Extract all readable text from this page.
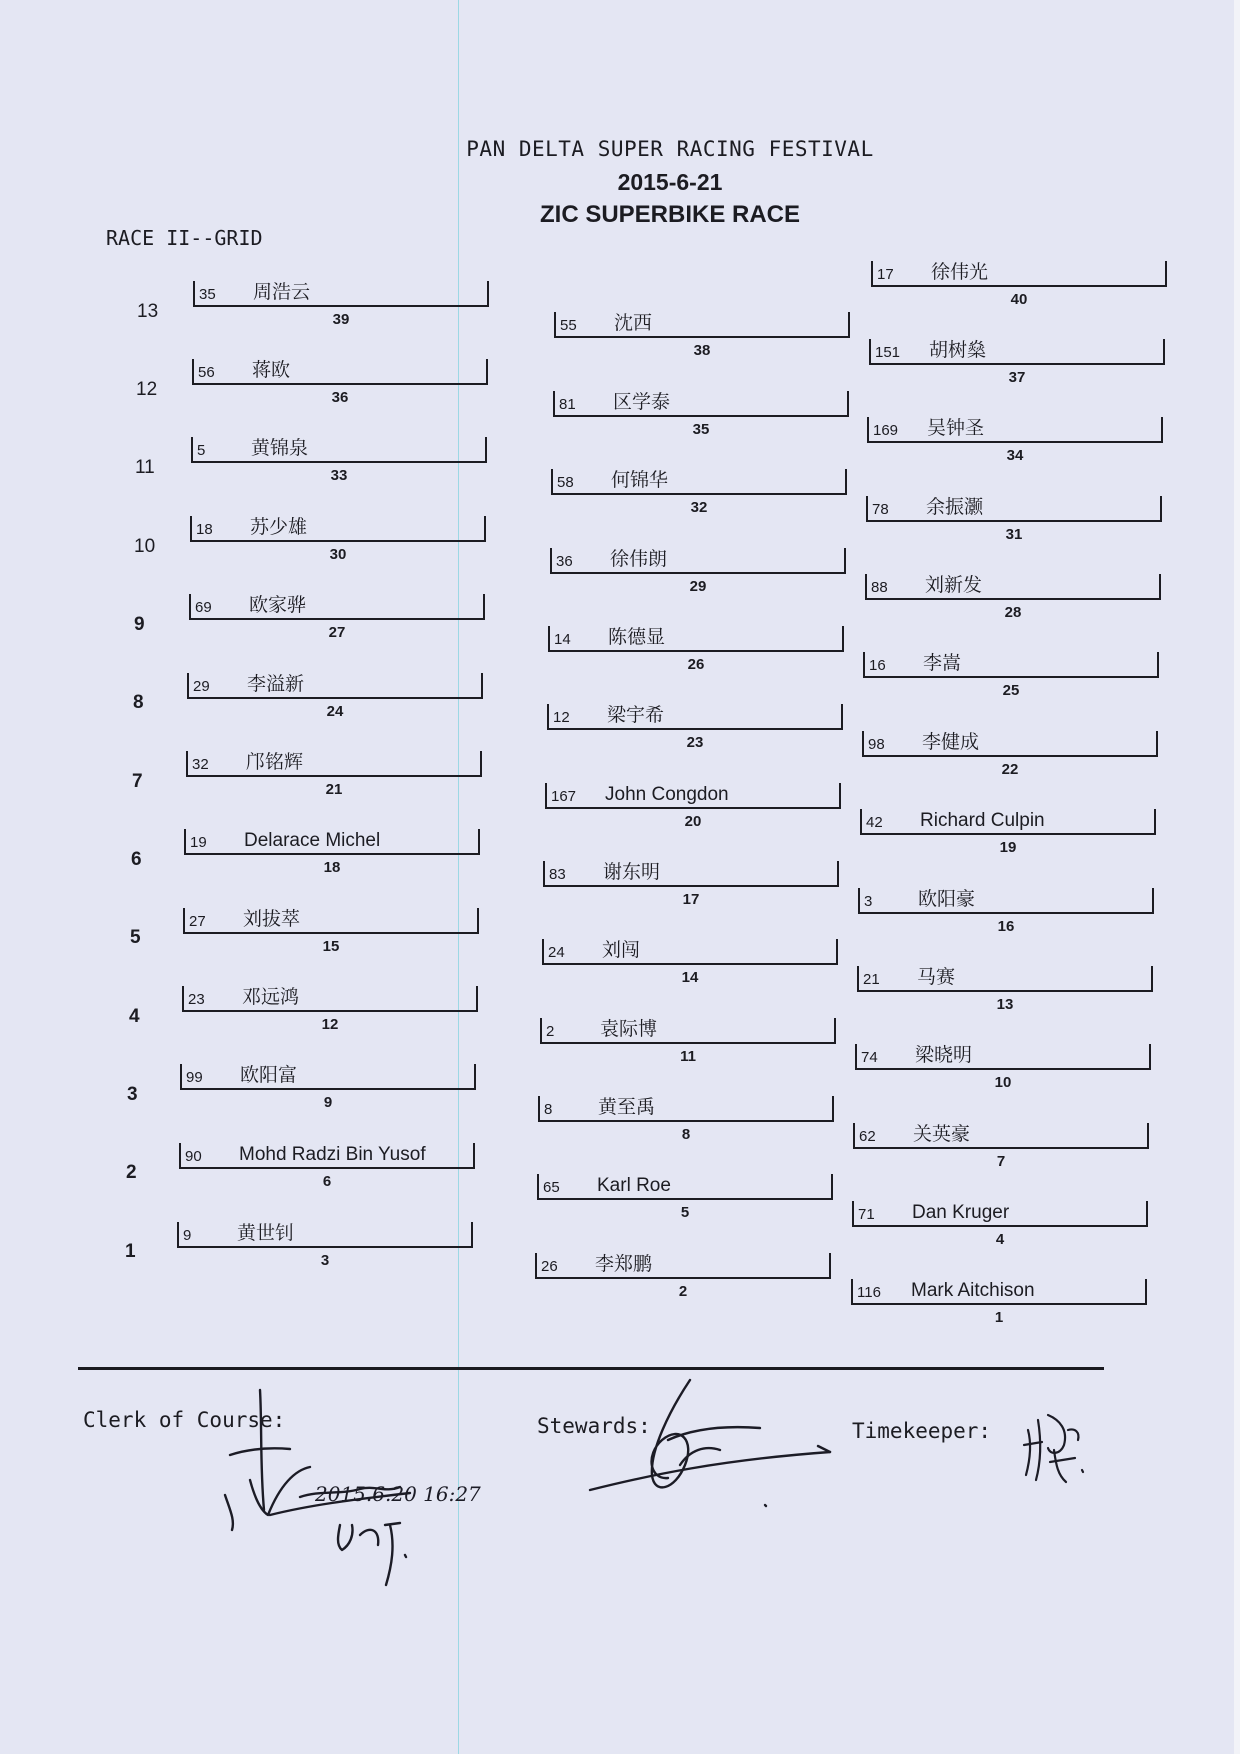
PAN DELTA SUPER RACING FESTIVAL
2015-6-21
ZIC SUPERBIKE RACE
RACE II--GRID
35 周浩云
39
56 蒋欧
36
5 黄锦泉
33
18 苏少雄
30
69 欧家骅
27
29 李溢新
24
32 邝铭辉
21
19 Delarace Michel
18
27 刘拔萃
15
23 邓远鸿
12
99 欧阳富
9
90 Mohd Radzi Bin Yusof
6
9 黄世钊
3
55 沈西
38
81 区学泰
35
58 何锦华
32
36 徐伟朗
29
14 陈德显
26
12 梁宇希
23
167 John Congdon
20
83 谢东明
17
24 刘闯
14
2 袁际博
11
8 黄至禹
8
65 Karl Roe
5
26 李郑鹏
2
17 徐伟光
40
151 胡树燊
37
169 吴钟圣
34
78 余振灏
31
88 刘新发
28
16 李嵩
25
98 李健成
22
42 Richard Culpin
19
3 欧阳豪
16
21 马赛
13
74 梁晓明
10
62 关英豪
7
71 Dan Kruger
4
116 Mark Aitchison
1
13
12
11
10
9
8
7
6
5
4
3
2
1
Clerk of Course:	Stewards:	Timekeeper:
2015.6.20 16:27
